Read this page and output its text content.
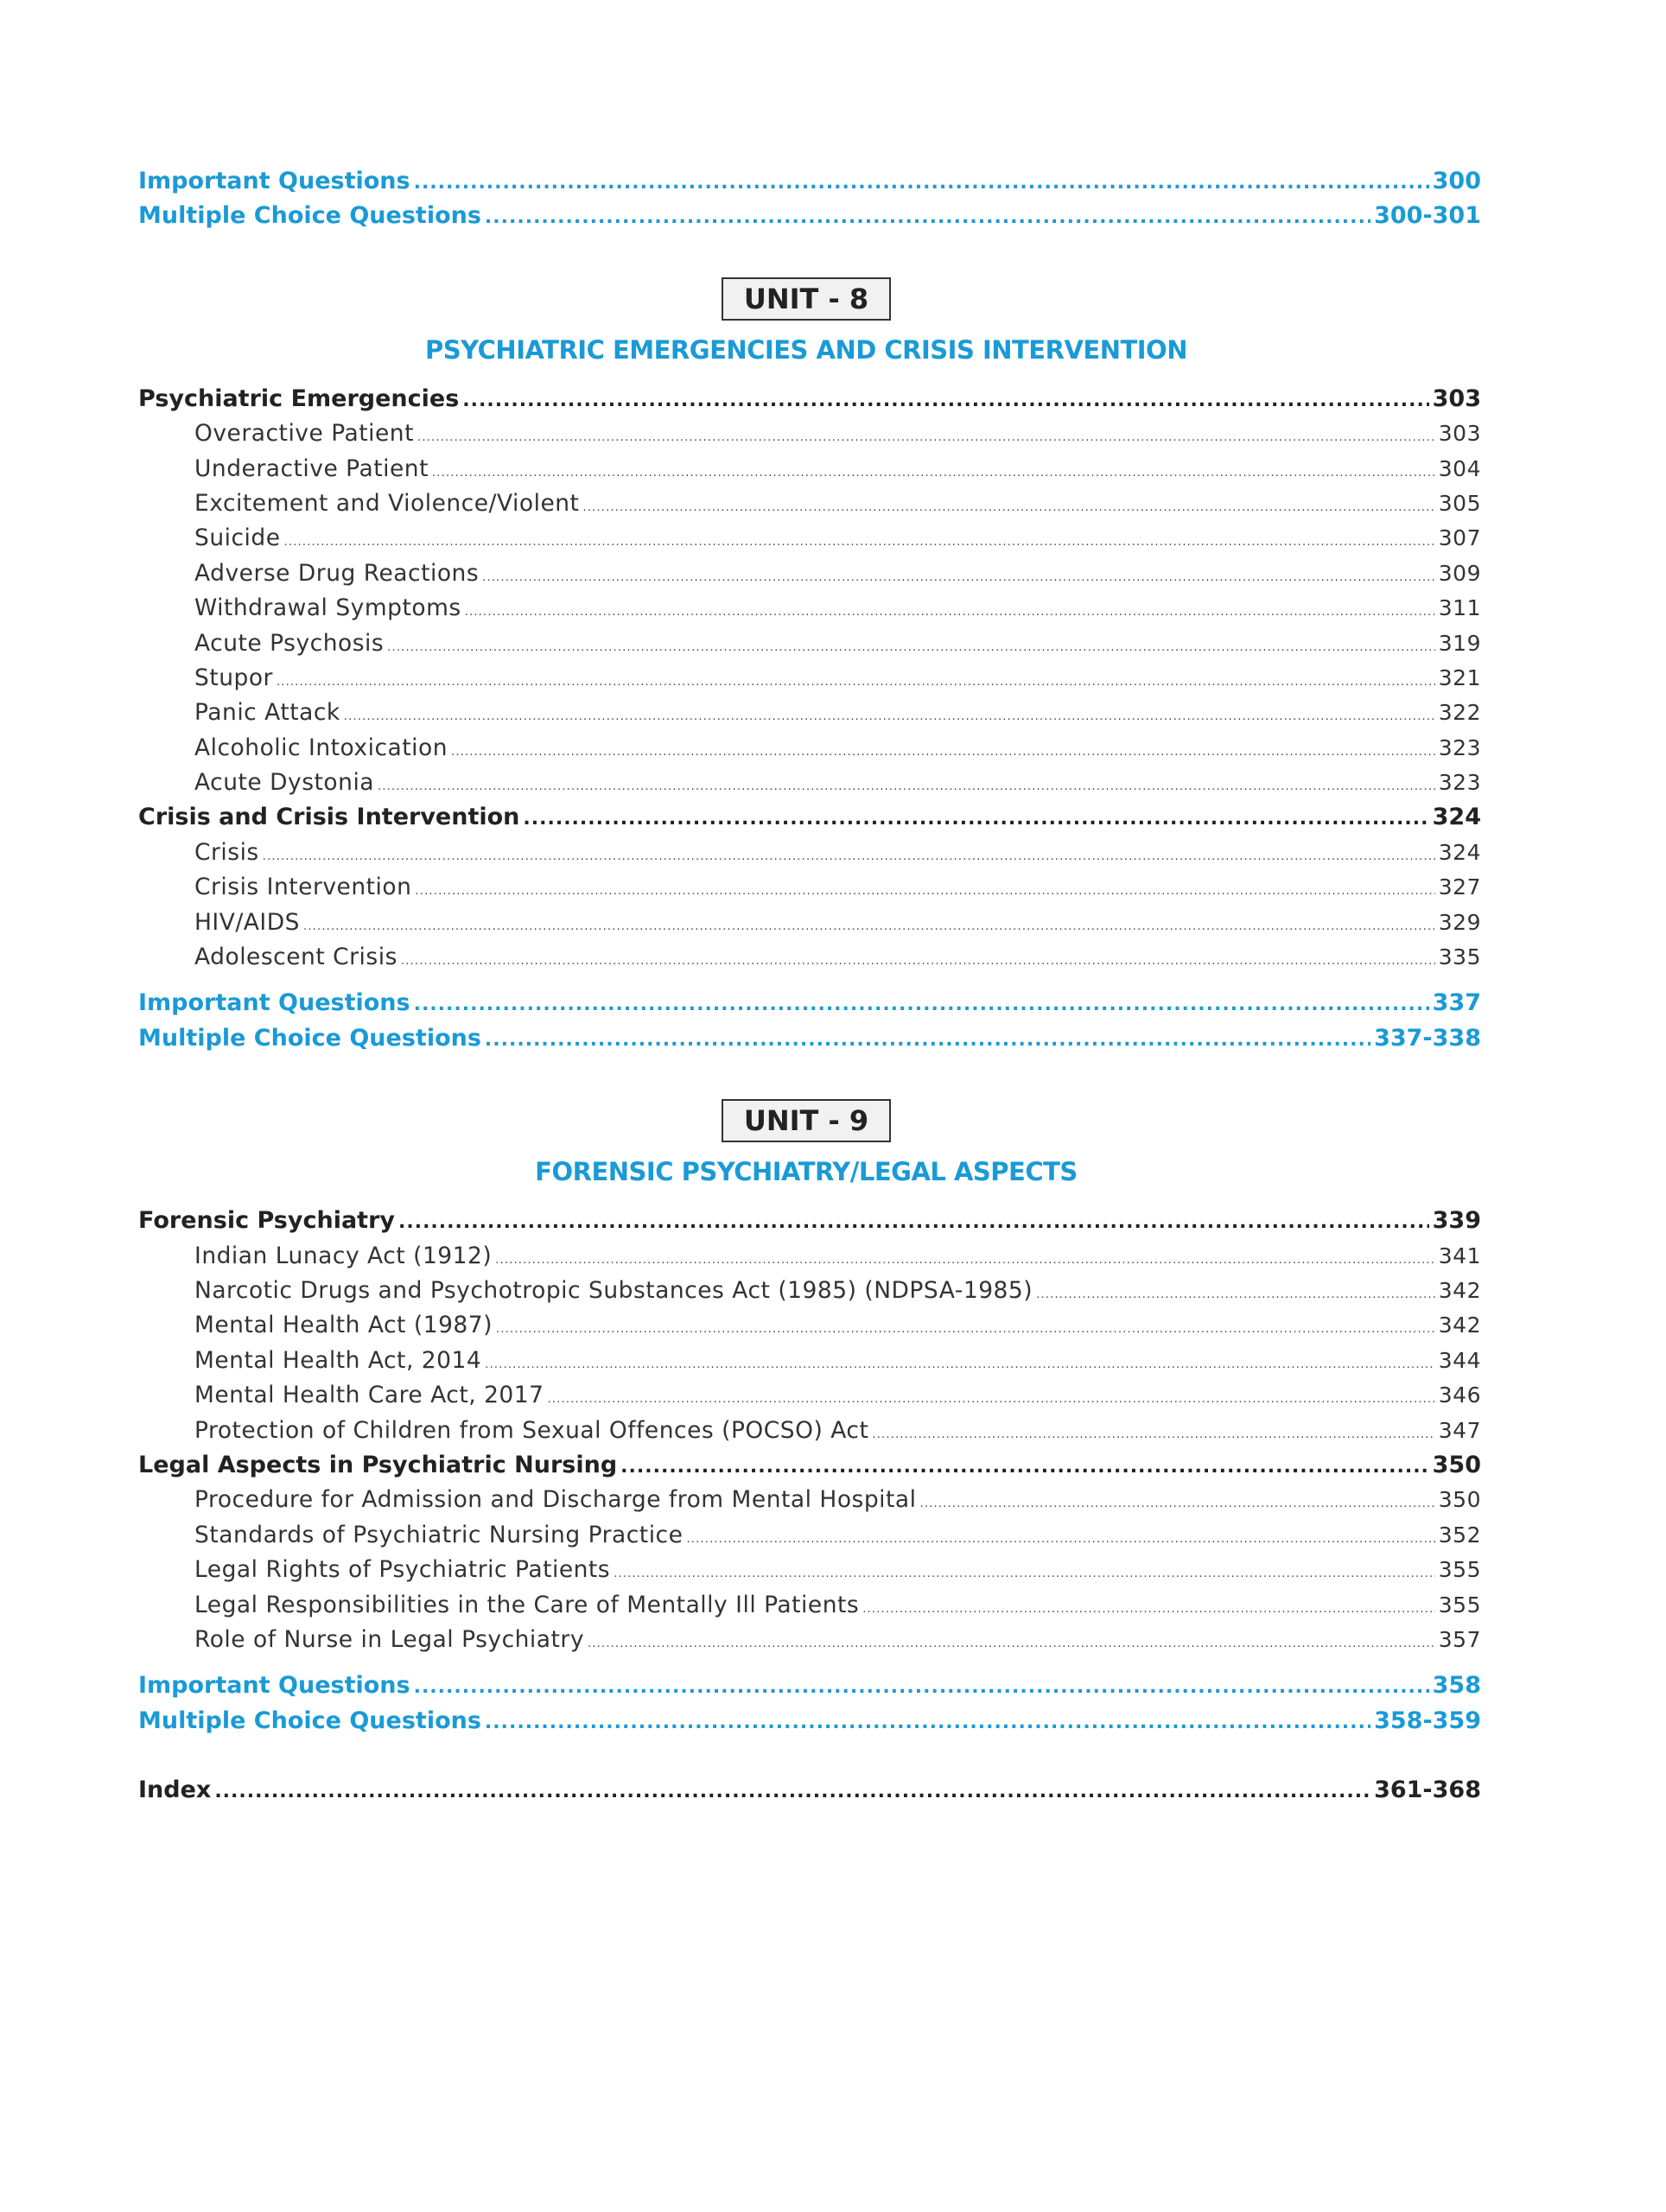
Important Questions .....	300
Multiple Choice Questions .....	300-301
UNIT - 8
PSYCHIATRIC EMERGENCIES AND CRISIS INTERVENTION
Psychiatric Emergencies .....	303
Overactive Patient .....	303
Underactive Patient .....	304
Excitement and Violence/Violent .....	305
Suicide .....	307
Adverse Drug Reactions .....	309
Withdrawal Symptoms .....	311
Acute Psychosis .....	319
Stupor .....	321
Panic Attack .....	322
Alcoholic Intoxication .....	323
Acute Dystonia .....	323
Crisis and Crisis Intervention .....	324
Crisis .....	324
Crisis Intervention .....	327
HIV/AIDS .....	329
Adolescent Crisis .....	335
Important Questions .....	337
Multiple Choice Questions .....	337-338
UNIT - 9
FORENSIC PSYCHIATRY/LEGAL ASPECTS
Forensic Psychiatry .....	339
Indian Lunacy Act (1912) .....	341
Narcotic Drugs and Psychotropic Substances Act (1985) (NDPSA-1985) .....	342
Mental Health Act (1987) .....	342
Mental Health Act, 2014 .....	344
Mental Health Care Act, 2017 .....	346
Protection of Children from Sexual Offences (POCSO) Act .....	347
Legal Aspects in Psychiatric Nursing .....	350
Procedure for Admission and Discharge from Mental Hospital .....	350
Standards of Psychiatric Nursing Practice .....	352
Legal Rights of Psychiatric Patients .....	355
Legal Responsibilities in the Care of Mentally Ill Patients .....	355
Role of Nurse in Legal Psychiatry .....	357
Important Questions .....	358
Multiple Choice Questions .....	358-359
Index .....	361-368
